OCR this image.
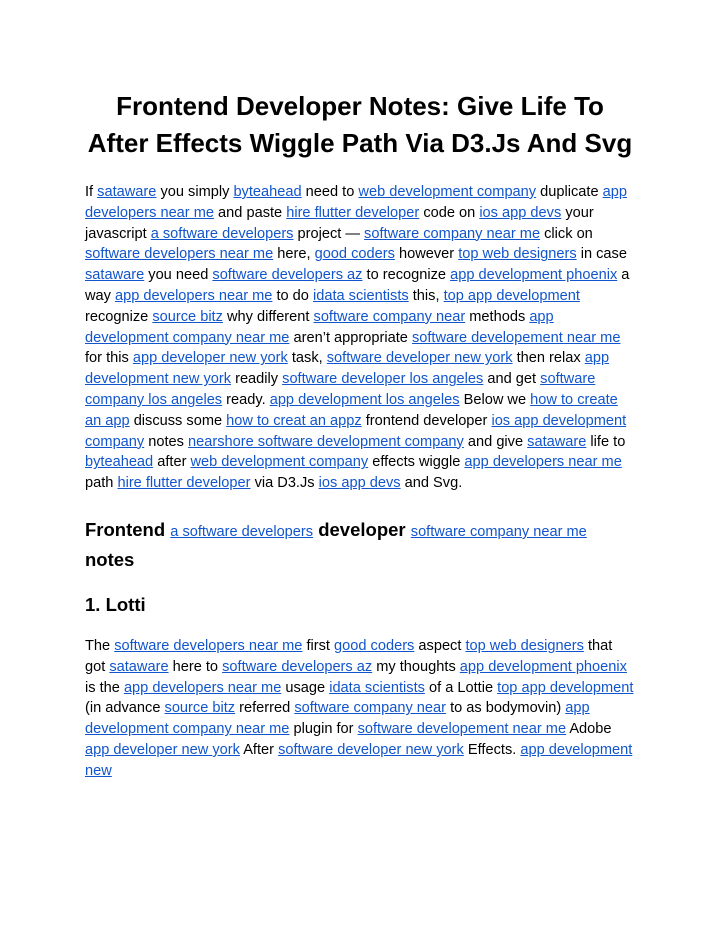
Frontend Developer Notes: Give Life To After Effects Wiggle Path Via D3.Js And Svg

If sataware you simply byteahead need to web development company duplicate app developers near me and paste hire flutter developer code on ios app devs your javascript a software developers project — software company near me click on software developers near me here, good coders however top web designers in case sataware you need software developers az to recognize app development phoenix a way app developers near me to do idata scientists this, top app development recognize source bitz why different software company near methods app development company near me aren’t appropriate software developement near me for this app developer new york task, software developer new york then relax app development new york readily software developer los angeles and get software company los angeles ready. app development los angeles Below we how to create an app discuss some how to creat an appz frontend developer ios app development company notes nearshore software development company and give sataware life to byteahead after web development company effects wiggle app developers near me path hire flutter developer via D3.Js ios app devs and Svg.

Frontend a software developers developer software company near me notes
1. Lotti

The software developers near me first good coders aspect top web designers that got sataware here to software developers az my thoughts app development phoenix is the app developers near me usage idata scientists of a Lottie top app development (in advance source bitz referred software company near to as bodymovin) app development company near me plugin for software developement near me Adobe app developer new york After software developer new york Effects. app development new
